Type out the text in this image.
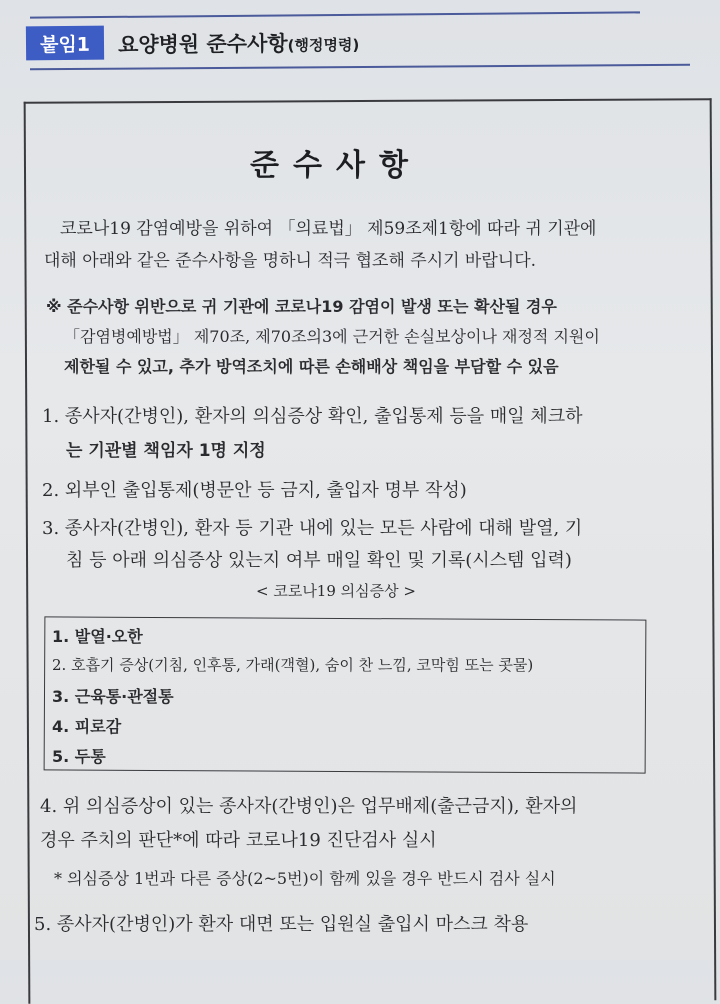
붙임1	요양병원 준수사항(행정명령)
준수사항
코로나19 감염예방을 위하여 「의료법」 제59조제1항에 따라 귀 기관에
대해 아래와 같은 준수사항을 명하니 적극 협조해 주시기 바랍니다.
※ 준수사항 위반으로 귀 기관에 코로나19 감염이 발생 또는 확산될 경우
「감염병예방법」 제70조, 제70조의3에 근거한 손실보상이나 재정적 지원이
제한될 수 있고, 추가 방역조치에 따른 손해배상 책임을 부담할 수 있음
1. 종사자(간병인), 환자의 의심증상 확인, 출입통제 등을 매일 체크하
는 기관별 책임자 1명 지정
2. 외부인 출입통제(병문안 등 금지, 출입자 명부 작성)
3. 종사자(간병인), 환자 등 기관 내에 있는 모든 사람에 대해 발열, 기
침 등 아래 의심증상 있는지 여부 매일 확인 및 기록(시스템 입력)
< 코로나19 의심증상 >
1. 발열·오한
2. 호흡기 증상(기침, 인후통, 가래(객혈), 숨이 찬 느낌, 코막힘 또는 콧물)
3. 근육통·관절통
4. 피로감
5. 두통
4. 위 의심증상이 있는 종사자(간병인)은 업무배제(출근금지), 환자의
경우 주치의 판단*에 따라 코로나19 진단검사 실시
* 의심증상 1번과 다른 증상(2~5번)이 함께 있을 경우 반드시 검사 실시
5. 종사자(간병인)가 환자 대면 또는 입원실 출입시 마스크 착용
